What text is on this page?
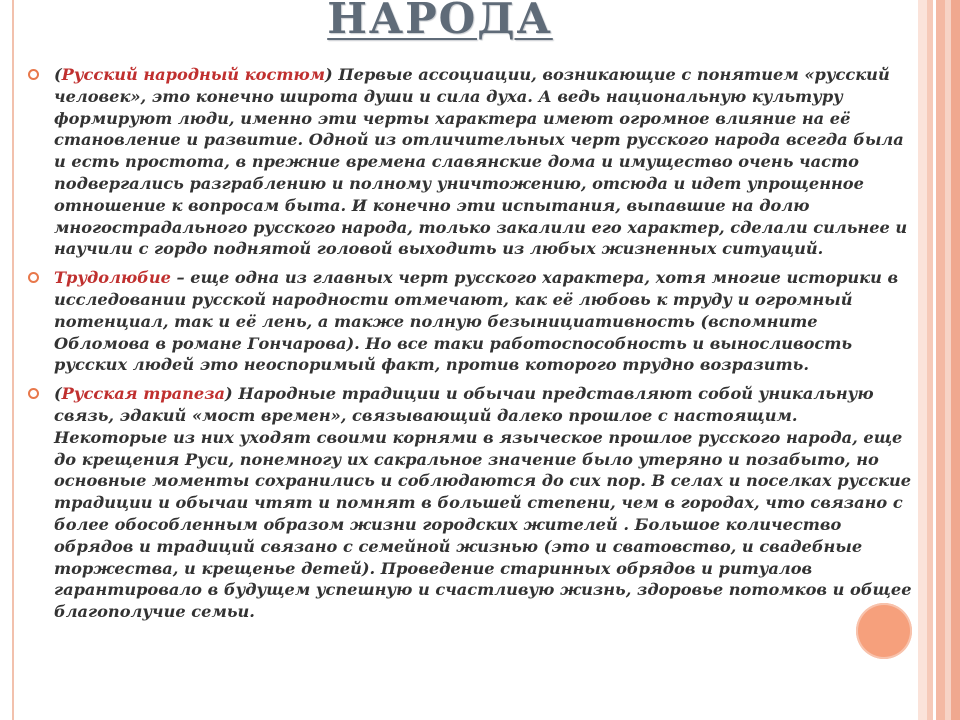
НАРОДА
(Русский народный костюм) Первые ассоциации, возникающие с понятием «русский человек», это конечно широта души и сила духа. А ведь национальную культуру формируют люди, именно эти черты характера имеют огромное влияние на её становление и развитие. Одной из отличительных черт русского народа всегда была и есть простота, в прежние времена славянские дома и имущество очень часто подвергались разграблению и полному уничтожению, отсюда и идет упрощенное отношение к вопросам быта. И конечно эти испытания, выпавшие на долю многострадального русского народа, только закалили его характер, сделали сильнее и научили с гордо поднятой головой выходить из любых жизненных ситуаций.
Трудолюбие – еще одна из главных черт русского характера, хотя многие историки в исследовании русской народности отмечают, как её любовь к труду и огромный потенциал, так и её лень, а также полную безынициативность (вспомните Обломова в романе Гончарова). Но все таки работоспособность и выносливость русских людей это неоспоримый факт, против которого трудно возразить.
(Русская трапеза) Народные традиции и обычаи представляют собой уникальную связь, эдакий «мост времен», связывающий далеко прошлое с настоящим. Некоторые из них уходят своими корнями в языческое прошлое русского народа, еще до крещения Руси, понемногу их сакральное значение было утеряно и позабыто, но основные моменты сохранились и соблюдаются до сих пор. В селах и поселках русские традиции и обычаи чтят и помнят в большей степени, чем в городах, что связано с более обособленным образом жизни городских жителей . Большое количество обрядов и традиций связано с семейной жизнью (это и сватовство, и свадебные торжества, и крещенье детей). Проведение старинных обрядов и ритуалов гарантировало в будущем успешную и счастливую жизнь, здоровье потомков и общее благополучие семьи.
